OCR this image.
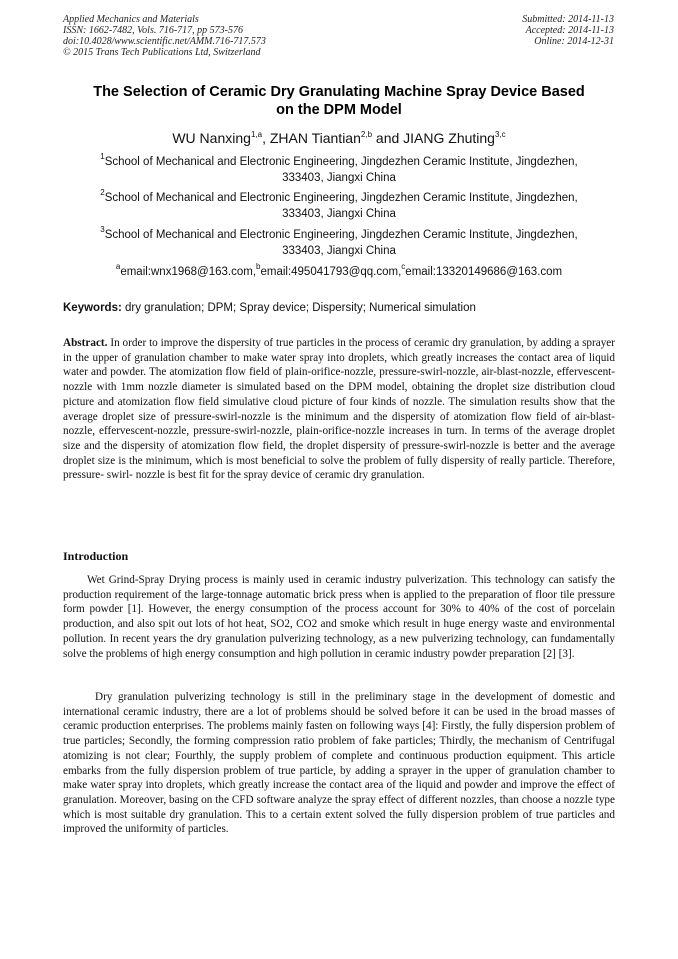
Applied Mechanics and Materials
ISSN: 1662-7482, Vols. 716-717, pp 573-576
doi:10.4028/www.scientific.net/AMM.716-717.573
© 2015 Trans Tech Publications Ltd, Switzerland
Submitted: 2014-11-13
Accepted: 2014-11-13
Online: 2014-12-31
The Selection of Ceramic Dry Granulating Machine Spray Device Based
on the DPM Model
WU Nanxing$^{1,a}$, ZHAN Tiantian$^{2,b}$ and JIANG Zhuting$^{3,c}$
$^1$School of Mechanical and Electronic Engineering, Jingdezhen Ceramic Institute, Jingdezhen,
333403, Jiangxi China
$^2$School of Mechanical and Electronic Engineering, Jingdezhen Ceramic Institute, Jingdezhen,
333403, Jiangxi China
$^3$School of Mechanical and Electronic Engineering, Jingdezhen Ceramic Institute, Jingdezhen,
333403, Jiangxi China
$^a$email:wnx1968@163.com,$^b$email:495041793@qq.com,$^c$email:13320149686@163.com
Keywords: dry granulation; DPM; Spray device; Dispersity; Numerical simulation
Abstract. In order to improve the dispersity of true particles in the process of ceramic dry granulation, by adding a sprayer in the upper of granulation chamber to make water spray into droplets, which greatly increases the contact area of liquid water and powder. The atomization flow field of plain-orifice-nozzle, pressure-swirl-nozzle, air-blast-nozzle, effervescent-nozzle with 1mm nozzle diameter is simulated based on the DPM model, obtaining the droplet size distribution cloud picture and atomization flow field simulative cloud picture of four kinds of nozzle. The simulation results show that the average droplet size of pressure-swirl-nozzle is the minimum and the dispersity of atomization flow field of air-blast-nozzle, effervescent-nozzle, pressure-swirl-nozzle, plain-orifice-nozzle increases in turn. In terms of the average droplet size and the dispersity of atomization flow field, the droplet dispersity of pressure-swirl-nozzle is better and the average droplet size is the minimum, which is most beneficial to solve the problem of fully dispersity of really particle. Therefore, pressure- swirl- nozzle is best fit for the spray device of ceramic dry granulation.
Introduction
Wet Grind-Spray Drying process is mainly used in ceramic industry pulverization. This technology can satisfy the production requirement of the large-tonnage automatic brick press when is applied to the preparation of floor tile pressure form powder [1]. However, the energy consumption of the process account for 30% to 40% of the cost of porcelain production, and also spit out lots of hot heat, SO2, CO2 and smoke which result in huge energy waste and environmental pollution. In recent years the dry granulation pulverizing technology, as a new pulverizing technology, can fundamentally solve the problems of high energy consumption and high pollution in ceramic industry powder preparation [2] [3].
Dry granulation pulverizing technology is still in the preliminary stage in the development of domestic and international ceramic industry, there are a lot of problems should be solved before it can be used in the broad masses of ceramic production enterprises. The problems mainly fasten on following ways [4]: Firstly, the fully dispersion problem of true particles; Secondly, the forming compression ratio problem of fake particles; Thirdly, the mechanism of Centrifugal atomizing is not clear; Fourthly, the supply problem of complete and continuous production equipment. This article embarks from the fully dispersion problem of true particle, by adding a sprayer in the upper of granulation chamber to make water spray into droplets, which greatly increase the contact area of the liquid and powder and improve the effect of granulation. Moreover, basing on the CFD software analyze the spray effect of different nozzles, than choose a nozzle type which is most suitable dry granulation. This to a certain extent solved the fully dispersion problem of true particles and improved the uniformity of particles.
